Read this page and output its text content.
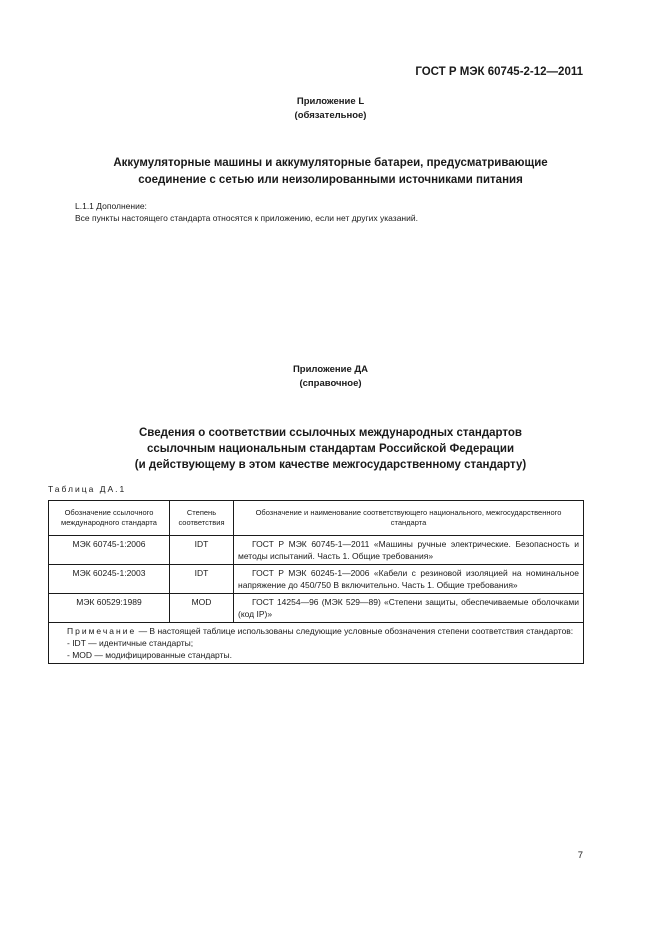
ГОСТ Р МЭК 60745-2-12—2011
Приложение L
(обязательное)
Аккумуляторные машины и аккумуляторные батареи, предусматривающие
соединение с сетью или неизолированными источниками питания
L.1.1 Дополнение:
Все пункты настоящего стандарта относятся к приложению, если нет других указаний.
Приложение ДА
(справочное)
Сведения о соответствии ссылочных международных стандартов
ссылочным национальным стандартам Российской Федерации
(и действующему в этом качестве межгосударственному стандарту)
Таблица ДА.1
Обозначение ссылочного международного стандарта	Степень соответствия	Обозначение и наименование соответствующего национального, межгосударственного стандарта
МЭК 60745-1:2006	IDT	ГОСТ Р МЭК 60745-1—2011 «Машины ручные электрические. Безопасность и методы испытаний. Часть 1. Общие требования»
МЭК 60245-1:2003	IDT	ГОСТ Р МЭК 60245-1—2006 «Кабели с резиновой изоляцией на номинальное напряжение до 450/750 В включительно. Часть 1. Общие требования»
МЭК 60529:1989	MOD	ГОСТ 14254—96 (МЭК 529—89) «Степени защиты, обеспечиваемые оболочками (код IP)»

Примечание — В настоящей таблице использованы следующие условные обозначения степени соответствия стандартов:
- IDT — идентичные стандарты;
- MOD — модифицированные стандарты.		
7
